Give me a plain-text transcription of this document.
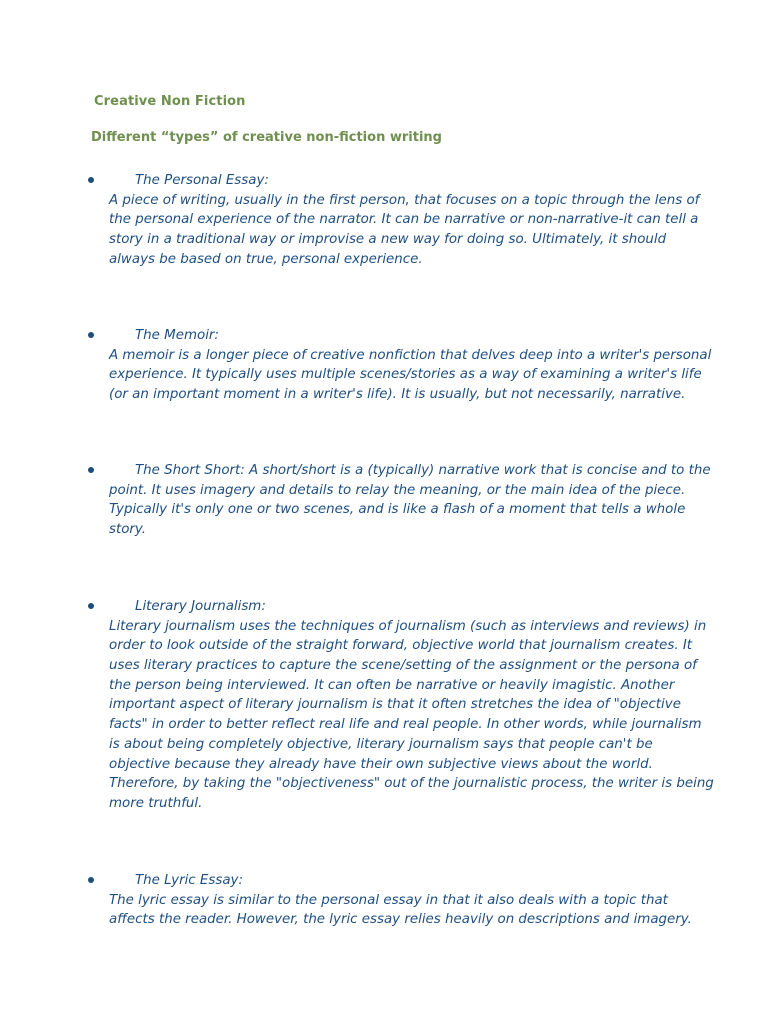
Creative Non Fiction
Different “types” of creative non-fiction writing
The Personal Essay:
A piece of writing, usually in the first person, that focuses on a topic through the lens of
the personal experience of the narrator. It can be narrative or non-narrative-it can tell a
story in a traditional way or improvise a new way for doing so. Ultimately, it should
always be based on true, personal experience.
The Memoir:
A memoir is a longer piece of creative nonfiction that delves deep into a writer's personal
experience. It typically uses multiple scenes/stories as a way of examining a writer's life
(or an important moment in a writer's life). It is usually, but not necessarily, narrative.
The Short Short: A short/short is a (typically) narrative work that is concise and to the
point. It uses imagery and details to relay the meaning, or the main idea of the piece.
Typically it's only one or two scenes, and is like a flash of a moment that tells a whole
story.
Literary Journalism:
Literary journalism uses the techniques of journalism (such as interviews and reviews) in
order to look outside of the straight forward, objective world that journalism creates. It
uses literary practices to capture the scene/setting of the assignment or the persona of
the person being interviewed. It can often be narrative or heavily imagistic. Another
important aspect of literary journalism is that it often stretches the idea of "objective
facts" in order to better reflect real life and real people. In other words, while journalism
is about being completely objective, literary journalism says that people can't be
objective because they already have their own subjective views about the world.
Therefore, by taking the "objectiveness" out of the journalistic process, the writer is being
more truthful.
The Lyric Essay:
The lyric essay is similar to the personal essay in that it also deals with a topic that
affects the reader. However, the lyric essay relies heavily on descriptions and imagery.
